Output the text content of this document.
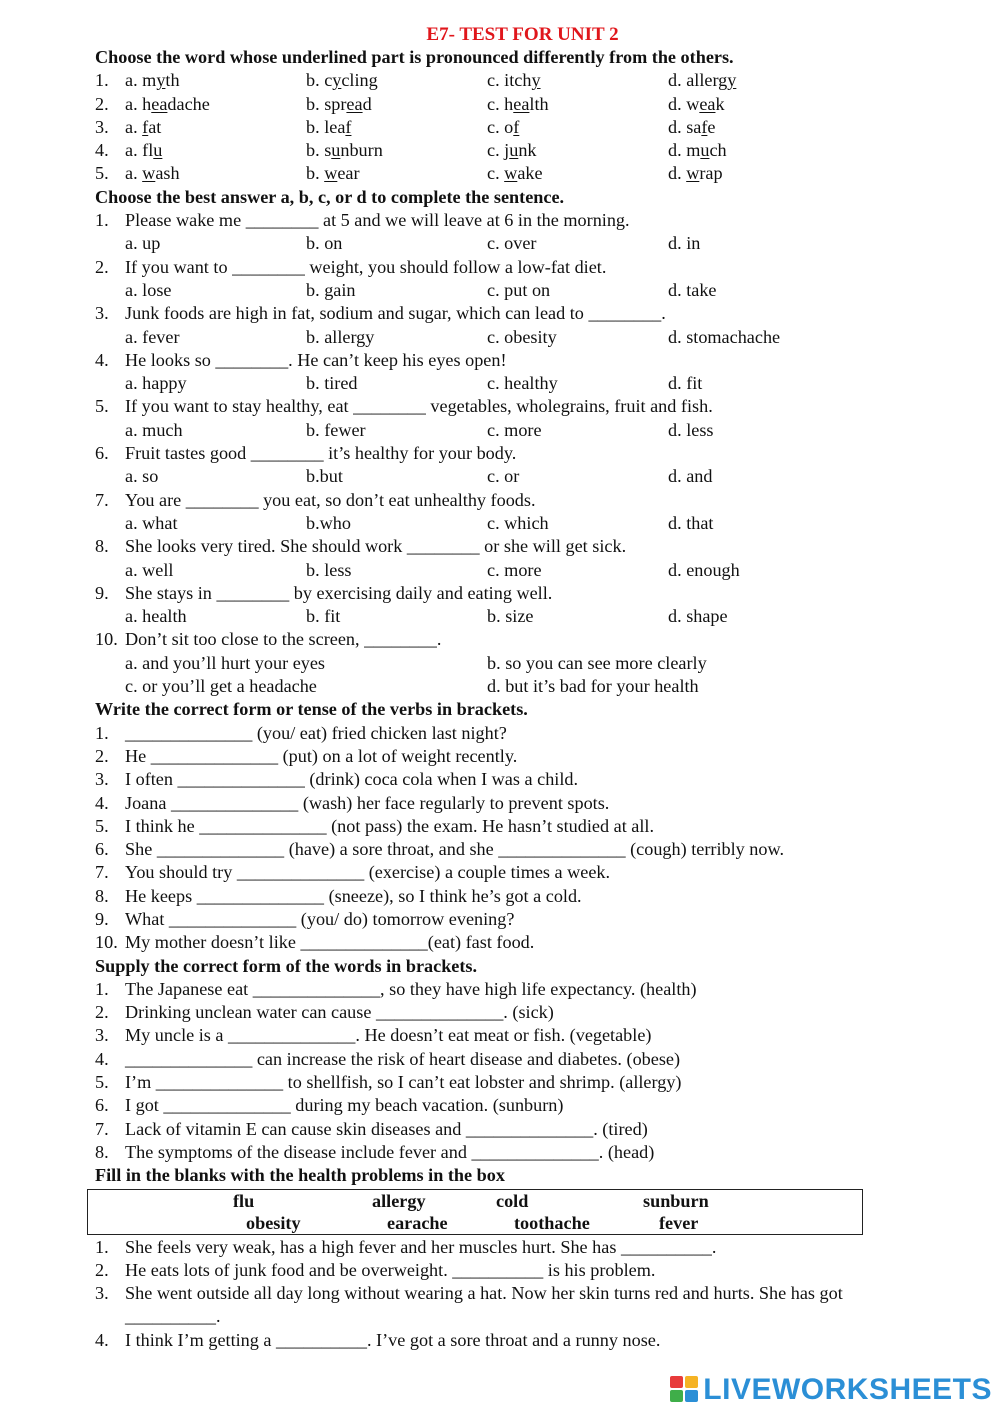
E7- TEST FOR UNIT 2
Choose the word whose underlined part is pronounced differently from the others.
1. a. myth	b. cycling	c. itchy	d. allergy
2. a. headache	b. spread	c. health	d. weak
3. a. fat	b. leaf	c. of	d. safe
4. a. flu	b. sunburn	c. junk	d. much
5. a. wash	b. wear	c. wake	d. wrap
Choose the best answer a, b, c, or d to complete the sentence.
1. Please wake me ________ at 5 and we will leave at 6 in the morning.
a. up	b. on	c. over	d. in
2. If you want to ________ weight, you should follow a low-fat diet.
a. lose	b. gain	c. put on	d. take
3. Junk foods are high in fat, sodium and sugar, which can lead to ________.
a. fever	b. allergy	c. obesity	d. stomachache
4. He looks so ________. He can’t keep his eyes open!
a. happy	b. tired	c. healthy	d. fit
5. If you want to stay healthy, eat ________ vegetables, wholegrains, fruit and fish.
a. much	b. fewer	c. more	d. less
6. Fruit tastes good ________ it’s healthy for your body.
a. so	b.but	c. or	d. and
7. You are ________ you eat, so don’t eat unhealthy foods.
a. what	b.who	c. which	d. that
8. She looks very tired. She should work ________ or she will get sick.
a. well	b. less	c. more	d. enough
9. She stays in ________ by exercising daily and eating well.
a. health	b. fit	b. size	d. shape
10. Don’t sit too close to the screen, ________.
a. and you’ll hurt your eyes	b. so you can see more clearly
c. or you’ll get a headache	d. but it’s bad for your health
Write the correct form or tense of the verbs in brackets.
1. ______________ (you/ eat) fried chicken last night?
2. He ______________ (put) on a lot of weight recently.
3. I often ______________ (drink) coca cola when I was a child.
4. Joana ______________ (wash) her face regularly to prevent spots.
5. I think he ______________ (not pass) the exam. He hasn’t studied at all.
6. She ______________ (have) a sore throat, and she ______________ (cough) terribly now.
7. You should try ______________ (exercise) a couple times a week.
8. He keeps ______________ (sneeze), so I think he’s got a cold.
9. What ______________ (you/ do) tomorrow evening?
10. My mother doesn’t like ______________(eat) fast food.
Supply the correct form of the words in brackets.
1. The Japanese eat ______________, so they have high life expectancy. (health)
2. Drinking unclean water can cause ______________. (sick)
3. My uncle is a ______________. He doesn’t eat meat or fish. (vegetable)
4. ______________ can increase the risk of heart disease and diabetes. (obese)
5. I’m ______________ to shellfish, so I can’t eat lobster and shrimp. (allergy)
6. I got ______________ during my beach vacation. (sunburn)
7. Lack of vitamin E can cause skin diseases and ______________. (tired)
8. The symptoms of the disease include fever and ______________. (head)
Fill in the blanks with the health problems in the box
flu	allergy	cold	sunburn
obesity	earache	toothache	fever
1. She feels very weak, has a high fever and her muscles hurt. She has __________.
2. He eats lots of junk food and be overweight. __________ is his problem.
3. She went outside all day long without wearing a hat. Now her skin turns red and hurts. She has got
__________.
4. I think I’m getting a __________. I’ve got a sore throat and a runny nose.
LIVEWORKSHEETS
